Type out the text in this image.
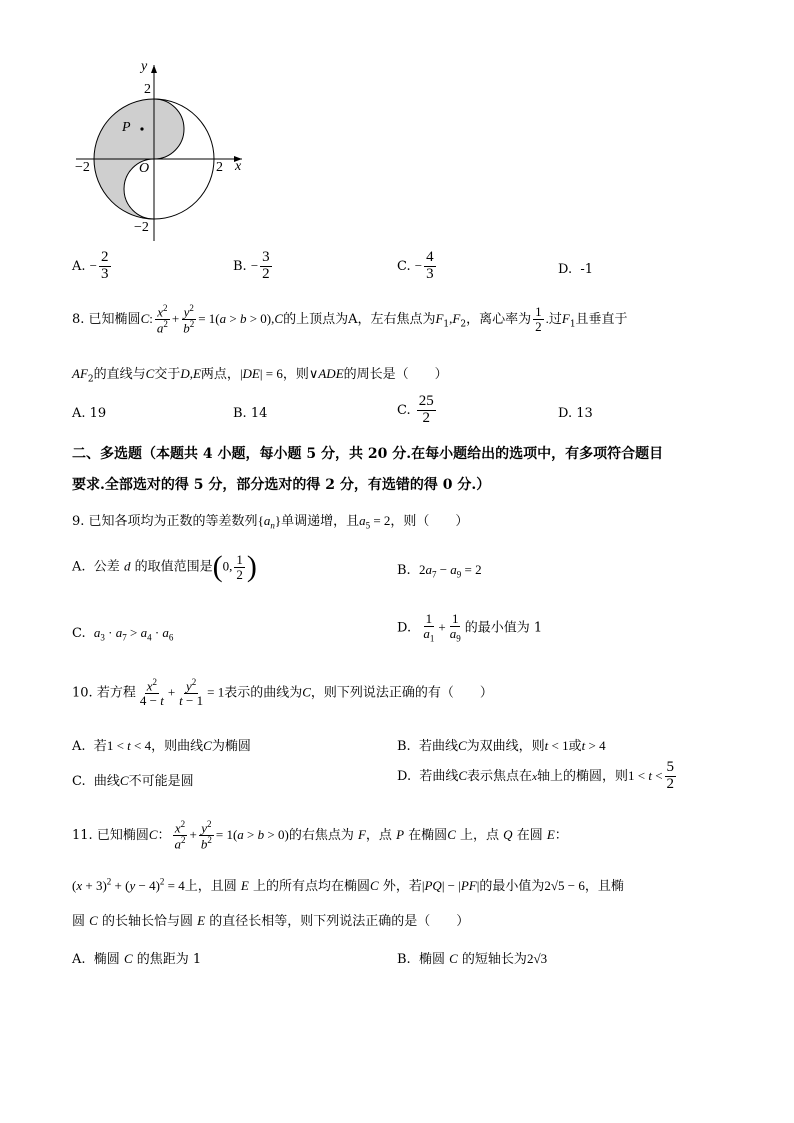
y
x
O
P
2
−2
2
−2
A. − $\frac{2}{3}$	B. − $\frac{3}{2}$	C. − $\frac{4}{3}$	D. -1
8. 已知椭圆C: $\frac{x^2}{a^2} + \frac{y^2}{b^2} = 1(a > b > 0),C$的上顶点为A，左右焦点为$F_1,F_2$，离心率为 $\frac{1}{2}$ .过$F_1$且垂直于
$AF_2$的直线与C交于D,E两点，|DE| = 6，则∨ADE的周长是（　　）
A. 19	B. 14	C. $\frac{25}{2}$	D. 13
二、多选题（本题共 4 小题，每小题 5 分，共 20 分.在每小题给出的选项中，有多项符合题目
要求.全部选对的得 5 分，部分选对的得 2 分，有选错的得 0 分.）
9. 已知各项均为正数的等差数列$\{a_n\}$单调递增，且$a_5 = 2$，则（　　）
A. 公差 d 的取值范围是(0, $\frac{1}{2}$ )	B. $2a_7 - a_9 = 2$
C. $a_3 \cdot a_7 > a_4 \cdot a_6$
D. $\frac{1}{a_1} + \frac{1}{a_9}$ 的最小值为 1
10. 若方程 $\frac{x^2}{4 - t} + \frac{y^2}{t - 1} = 1$表示的曲线为C，则下列说法正确的有（　　）
A. 若1 < t < 4，则曲线C为椭圆	B. 若曲线C为双曲线，则t < 1或t > 4
C. 曲线C不可能是圆	D. 若曲线C表示焦点在x轴上的椭圆，则$1 < t < \frac{5}{2}$
11. 已知椭圆C： $\frac{x^2}{a^2} + \frac{y^2}{b^2} = 1(a > b > 0)$的右焦点为 F，点 P 在椭圆C 上，点 Q 在圆 E：
$(x + 3)^2 + (y - 4)^2 = 4$上，且圆 E 上的所有点均在椭圆C 外，若|PQ| − |PF|的最小值为2√5 − 6，且椭
圆 C 的长轴长恰与圆 E 的直径长相等，则下列说法正确的是（　　）
A. 椭圆 C 的焦距为 1	B. 椭圆 C 的短轴长为2√3
